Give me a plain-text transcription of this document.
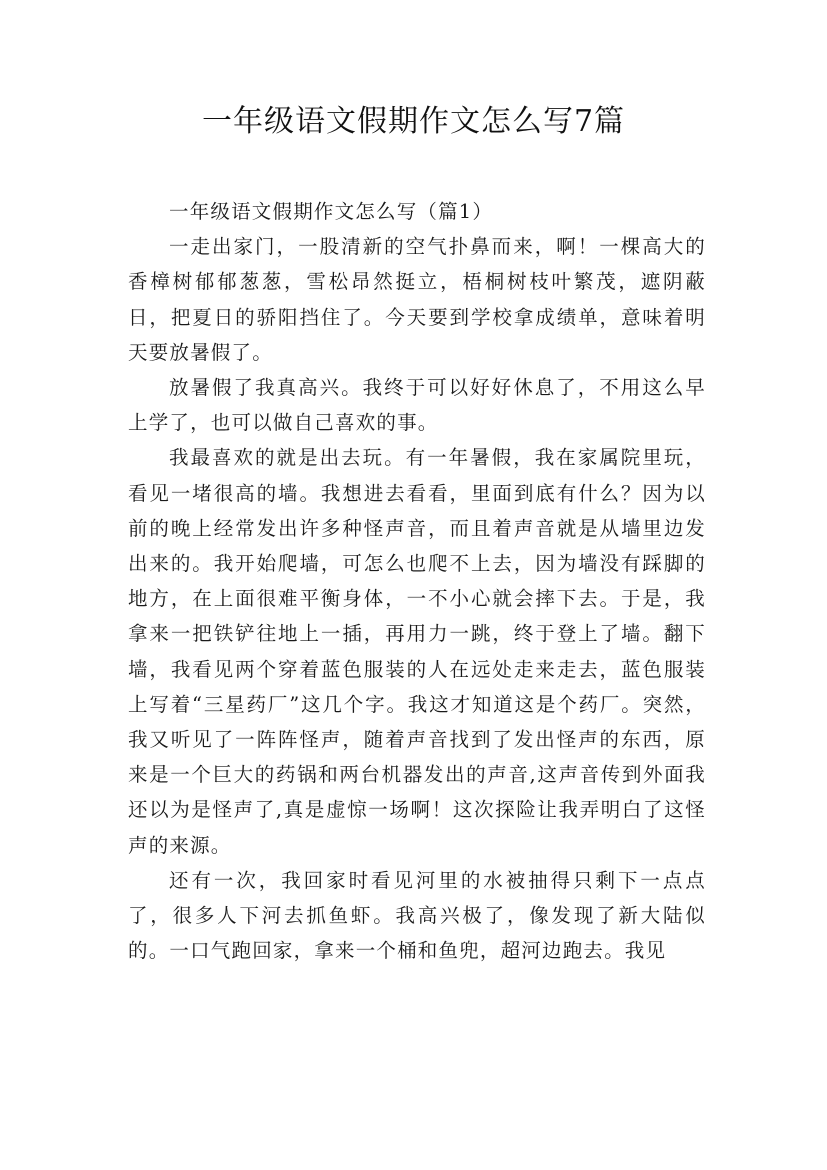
一年级语文假期作文怎么写7篇
一年级语文假期作文怎么写（篇1）

一走出家门，一股清新的空气扑鼻而来，啊！一棵高大的香樟树郁郁葱葱，雪松昂然挺立，梧桐树枝叶繁茂，遮阴蔽日，把夏日的骄阳挡住了。今天要到学校拿成绩单，意味着明天要放暑假了。

放暑假了我真高兴。我终于可以好好休息了，不用这么早上学了，也可以做自己喜欢的事。

我最喜欢的就是出去玩。有一年暑假，我在家属院里玩，看见一堵很高的墙。我想进去看看，里面到底有什么？因为以前的晚上经常发出许多种怪声音，而且着声音就是从墙里边发出来的。我开始爬墙，可怎么也爬不上去，因为墙没有踩脚的地方，在上面很难平衡身体，一不小心就会摔下去。于是，我拿来一把铁铲往地上一插，再用力一跳，终于登上了墙。翻下墙，我看见两个穿着蓝色服装的人在远处走来走去，蓝色服装上写着“三星药厂”这几个字。我这才知道这是个药厂。突然，我又听见了一阵阵怪声，随着声音找到了发出怪声的东西，原来是一个巨大的药锅和两台机器发出的声音,这声音传到外面我还以为是怪声了,真是虚惊一场啊！这次探险让我弄明白了这怪声的来源。

还有一次，我回家时看见河里的水被抽得只剩下一点点了，很多人下河去抓鱼虾。我高兴极了，像发现了新大陆似的。一口气跑回家，拿来一个桶和鱼兜，超河边跑去。我见
